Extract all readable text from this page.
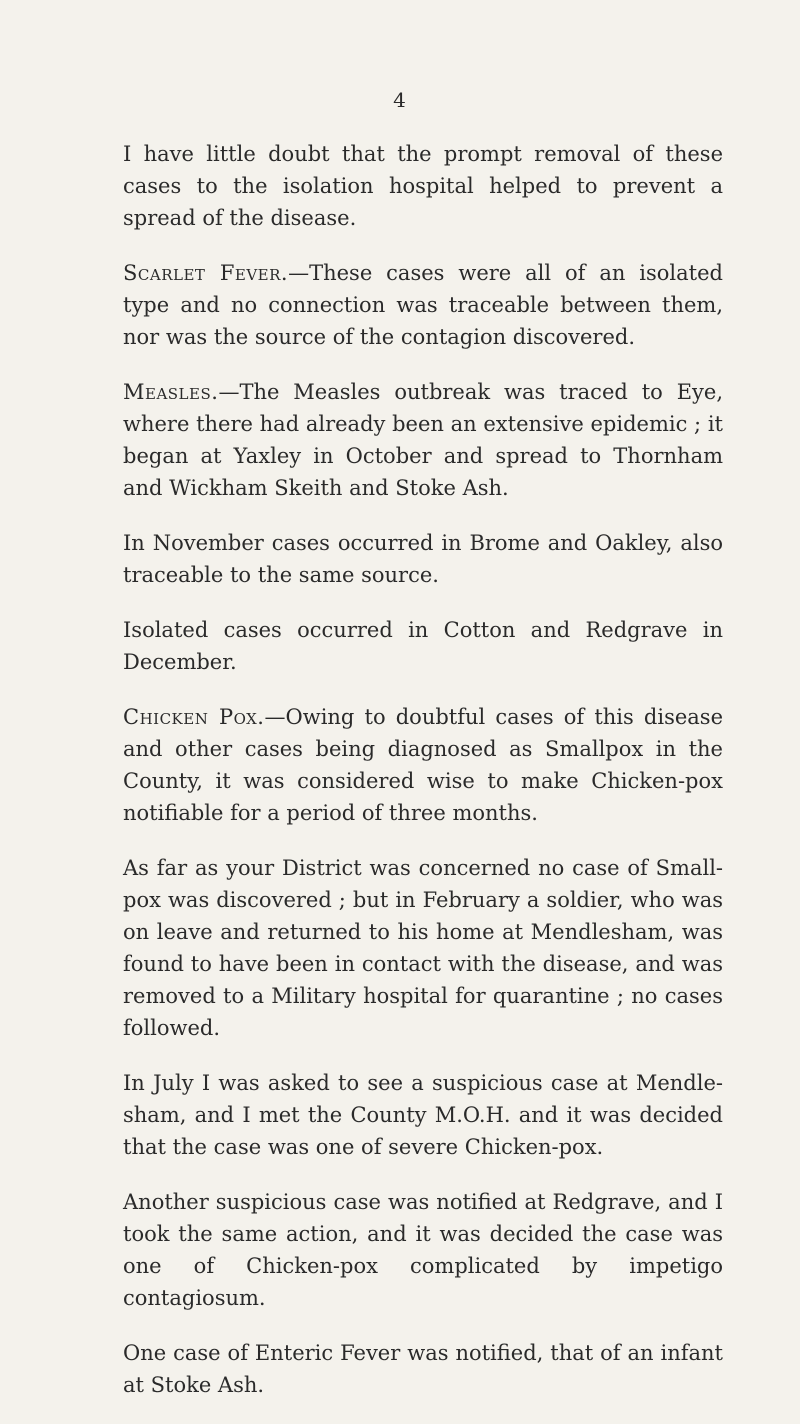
4

I have little doubt that the prompt removal of these cases to the isolation hospital helped to prevent a spread of the disease.

Scarlet Fever.—These cases were all of an isolated type and no connection was traceable between them, nor was the source of the contagion discovered.

Measles.—The Measles outbreak was traced to Eye, where there had already been an extensive epidemic ; it began at Yaxley in October and spread to Thornham and Wickham Skeith and Stoke Ash.

In November cases occurred in Brome and Oakley, also traceable to the same source.

Isolated cases occurred in Cotton and Redgrave in December.

Chicken Pox.—Owing to doubtful cases of this disease and other cases being diagnosed as Smallpox in the County, it was considered wise to make Chicken-pox notifiable for a period of three months.

As far as your District was concerned no case of Small-pox was discovered ; but in February a soldier, who was on leave and returned to his home at Mendlesham, was found to have been in contact with the disease, and was removed to a Military hospital for quarantine ; no cases followed.

In July I was asked to see a suspicious case at Mendle-sham, and I met the County M.O.H. and it was decided that the case was one of severe Chicken-pox.

Another suspicious case was notified at Redgrave, and I took the same action, and it was decided the case was one of Chicken-pox complicated by impetigo contagiosum.

One case of Enteric Fever was notified, that of an infant at Stoke Ash.
